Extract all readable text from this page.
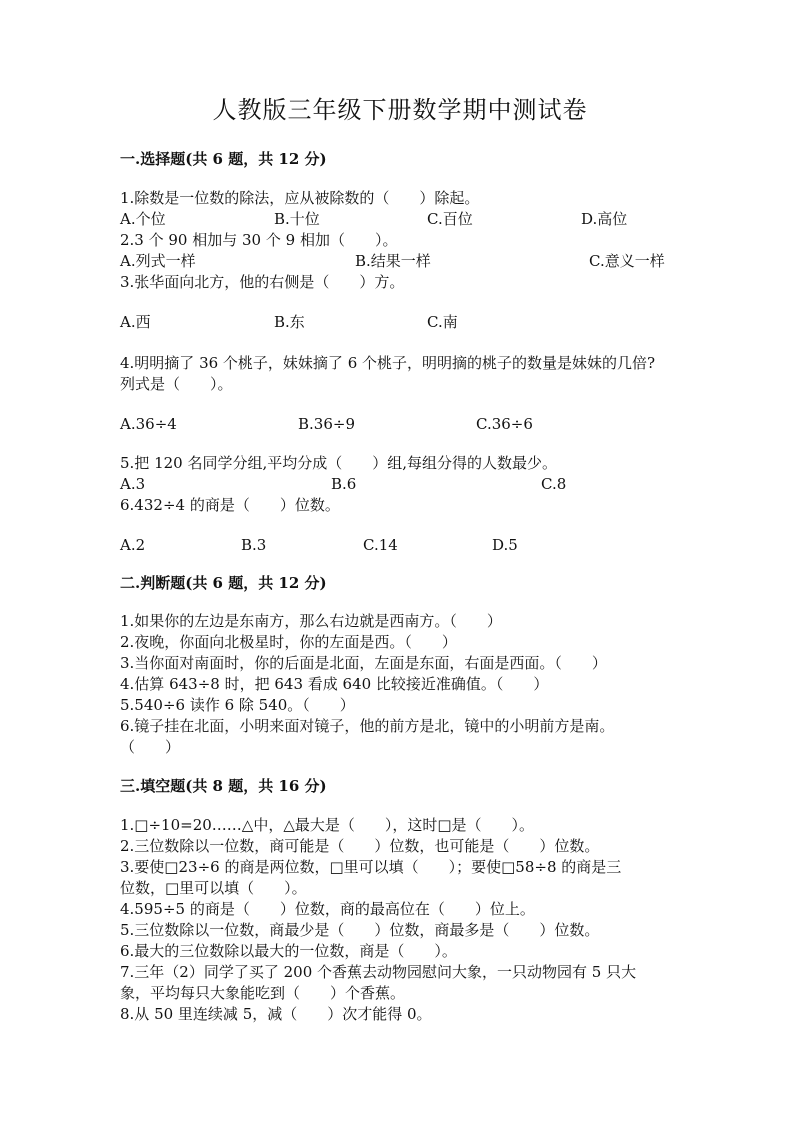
人教版三年级下册数学期中测试卷
一.选择题(共 6 题，共 12 分)
1.除数是一位数的除法，应从被除数的（　　）除起。
A.个位	B.十位	C.百位	D.高位
2.3 个 90 相加与 30 个 9 相加（　　）。
A.列式一样	B.结果一样	C.意义一样
3.张华面向北方，他的右侧是（　　）方。
A.西	B.东	C.南
4.明明摘了 36 个桃子，妹妹摘了 6 个桃子，明明摘的桃子的数量是妹妹的几倍?
列式是（　　）。
A.36÷4	B.36÷9	C.36÷6
5.把 120 名同学分组,平均分成（　　）组,每组分得的人数最少。
A.3	B.6	C.8
6.432÷4 的商是（　　）位数。
A.2	B.3	C.14	D.5
二.判断题(共 6 题，共 12 分)
1.如果你的左边是东南方，那么右边就是西南方。（　　）
2.夜晚，你面向北极星时，你的左面是西。（　　）
3.当你面对南面时，你的后面是北面，左面是东面，右面是西面。（　　）
4.估算 643÷8 时，把 643 看成 640 比较接近准确值。（　　）
5.540÷6 读作 6 除 540。（　　）
6.镜子挂在北面，小明来面对镜子，他的前方是北，镜中的小明前方是南。
（　　）
三.填空题(共 8 题，共 16 分)
1.□÷10=20……△中，△最大是（　　），这时□是（　　）。
2.三位数除以一位数，商可能是（　　）位数，也可能是（　　）位数。
3.要使□23÷6 的商是两位数，□里可以填（　　）；要使□58÷8 的商是三
位数，□里可以填（　　）。
4.595÷5 的商是（　　）位数，商的最高位在（　　）位上。
5.三位数除以一位数，商最少是（　　）位数，商最多是（　　）位数。
6.最大的三位数除以最大的一位数，商是（　　）。
7.三年（2）同学了买了 200 个香蕉去动物园慰问大象，一只动物园有 5 只大
象，平均每只大象能吃到（　　）个香蕉。
8.从 50 里连续减 5，减（　　）次才能得 0。
